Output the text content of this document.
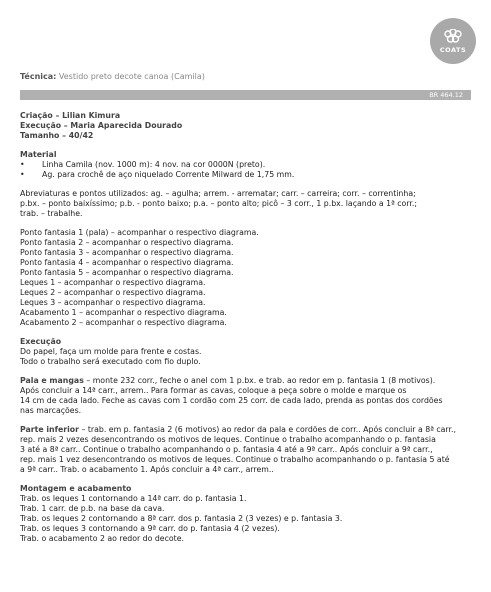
COATS
Técnica: Vestido preto decote canoa (Camila)
BR 464.12

Criação – Lilian Kimura

Execução – Maria Aparecida Dourado

Tamanho – 40/42

Material

•	Linha Camila (nov. 1000 m): 4 nov. na cor 0000N (preto).
•	Ag. para crochê de aço niquelado Corrente Milward de 1,75 mm.

Abreviaturas e pontos utilizados: ag. – agulha; arrem. - arrematar; carr. – carreira; corr. – correntinha;

p.bx. – ponto baixíssimo; p.b. - ponto baixo; p.a. – ponto alto; picô – 3 corr., 1 p.bx. laçando a 1ª corr.;

trab. – trabalhe.

Ponto fantasia 1 (pala) – acompanhar o respectivo diagrama.

Ponto fantasia 2 – acompanhar o respectivo diagrama.

Ponto fantasia 3 – acompanhar o respectivo diagrama.

Ponto fantasia 4 – acompanhar o respectivo diagrama.

Ponto fantasia 5 – acompanhar o respectivo diagrama.

Leques 1 – acompanhar o respectivo diagrama.

Leques 2 – acompanhar o respectivo diagrama.

Leques 3 – acompanhar o respectivo diagrama.

Acabamento 1 – acompanhar o respectivo diagrama.

Acabamento 2 – acompanhar o respectivo diagrama.

Execução

Do papel, faça um molde para frente e costas.

Todo o trabalho será executado com fio duplo.

Pala e mangas – monte 232 corr., feche o anel com 1 p.bx. e trab. ao redor em p. fantasia 1 (8 motivos).

Após concluir a 14ª carr., arrem.. Para formar as cavas, coloque a peça sobre o molde e marque os

14 cm de cada lado. Feche as cavas com 1 cordão com 25 corr. de cada lado, prenda as pontas dos cordões

nas marcações.

Parte inferior – trab. em p. fantasia 2 (6 motivos) ao redor da pala e cordões de corr.. Após concluir a 8ª carr.,

rep. mais 2 vezes desencontrando os motivos de leques. Continue o trabalho acompanhando o p. fantasia

3 até a 8ª carr.. Continue o trabalho acompanhando o p. fantasia 4 até a 9ª carr.. Após concluir a 9ª carr.,

rep. mais 1 vez desencontrando os motivos de leques. Continue o trabalho acompanhando o p. fantasia 5 até

a 9ª carr.. Trab. o acabamento 1. Após concluir a 4ª carr., arrem..

Montagem e acabamento

Trab. os leques 1 contornando a 14ª carr. do p. fantasia 1.

Trab. 1 carr. de p.b. na base da cava.

Trab. os leques 2 contornando a 8ª carr. dos p. fantasia 2 (3 vezes) e p. fantasia 3.

Trab. os leques 3 contornando a 9ª carr. do p. fantasia 4 (2 vezes).

Trab. o acabamento 2 ao redor do decote.
